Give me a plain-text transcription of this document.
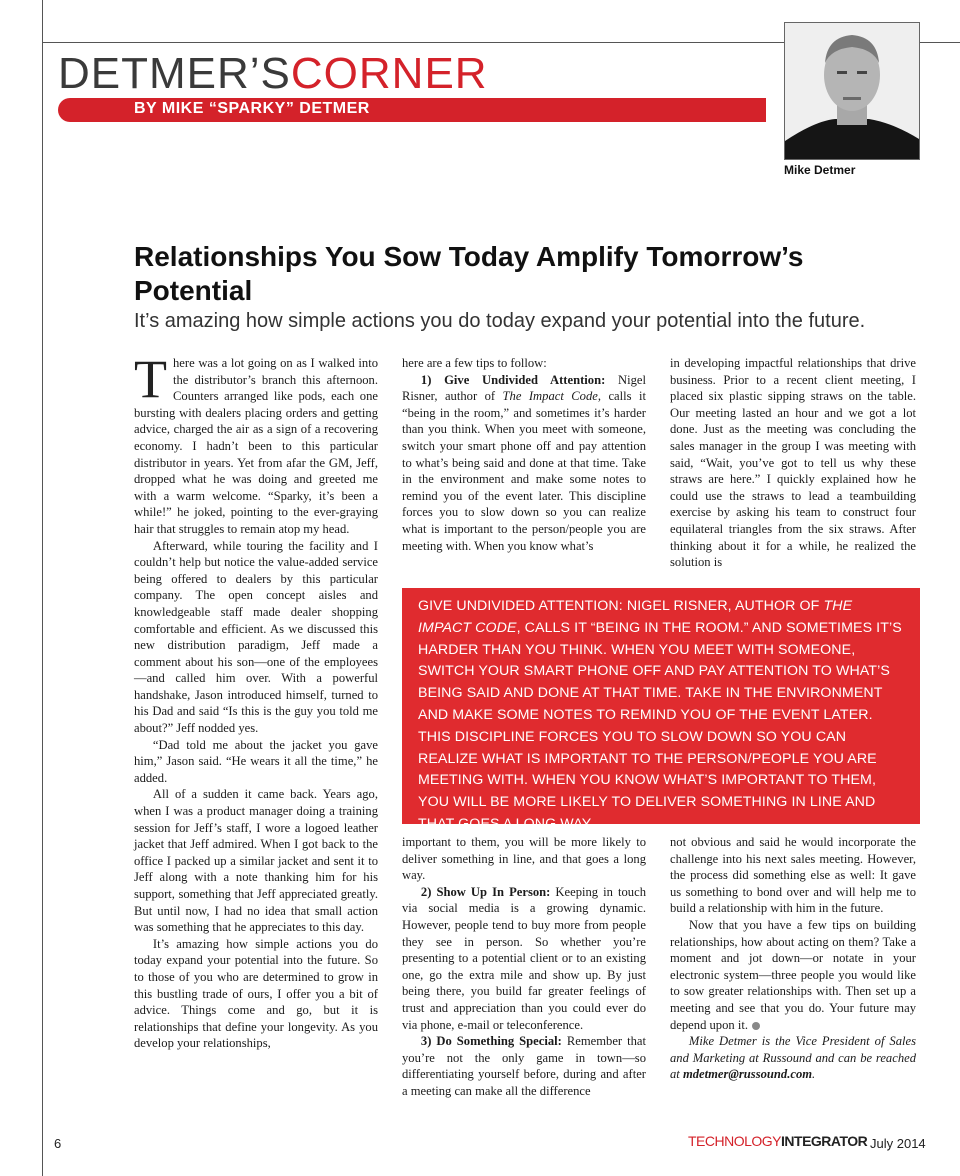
DETMER’SCORNER
BY MIKE “SPARKY” DETMER
Mike Detmer
Relationships You Sow Today Amplify Tomorrow’s Potential
It’s amazing how simple actions you do today expand your potential into the future.

There was a lot going on as I walked into the distributor’s branch this afternoon. Counters arranged like pods, each one bursting with dealers placing orders and getting advice, charged the air as a sign of a recovering economy. I hadn’t been to this particular distributor in years. Yet from afar the GM, Jeff, dropped what he was doing and greeted me with a warm welcome. “Sparky, it’s been a while!” he joked, pointing to the ever-graying hair that struggles to remain atop my head.

Afterward, while touring the facility and I couldn’t help but notice the value-added service being offered to dealers by this particular company. The open concept aisles and knowledgeable staff made dealer shopping comfortable and efficient. As we discussed this new distribution paradigm, Jeff made a comment about his son—one of the employees—and called him over. With a powerful handshake, Jason introduced himself, turned to his Dad and said “Is this is the guy you told me about?” Jeff nodded yes.

“Dad told me about the jacket you gave him,” Jason said. “He wears it all the time,” he added.

All of a sudden it came back. Years ago, when I was a product manager doing a training session for Jeff’s staff, I wore a logoed leather jacket that Jeff admired. When I got back to the office I packed up a similar jacket and sent it to Jeff along with a note thanking him for his support, something that Jeff appreciated greatly. But until now, I had no idea that small action was something that he appreciates to this day.

It’s amazing how simple actions you do today expand your potential into the future. So to those of you who are determined to grow in this bustling trade of ours, I offer you a bit of advice. Things come and go, but it is relationships that define your longevity. As you develop your relationships,

here are a few tips to follow:

1) Give Undivided Attention: Nigel Risner, author of The Impact Code, calls it “being in the room,” and sometimes it’s harder than you think. When you meet with someone, switch your smart phone off and pay attention to what’s being said and done at that time. Take in the environment and make some notes to remind you of the event later. This discipline forces you to slow down so you can realize what is important to the person/people you are meeting with. When you know what’s

in developing impactful relationships that drive business. Prior to a recent client meeting, I placed six plastic sipping straws on the table. Our meeting lasted an hour and we got a lot done. Just as the meeting was concluding the sales manager in the group I was meeting with said, “Wait, you’ve got to tell us why these straws are here.” I quickly explained how he could use the straws to lead a teambuilding exercise by asking his team to construct four equilateral triangles from the six straws. After thinking about it for a while, he realized the solution is

GIVE UNDIVIDED ATTENTION: NIGEL RISNER, AUTHOR OF THE IMPACT CODE, CALLS IT “BEING IN THE ROOM.” AND SOMETIMES IT’S HARDER THAN YOU THINK. WHEN YOU MEET WITH SOMEONE, SWITCH YOUR SMART PHONE OFF AND PAY ATTENTION TO WHAT’S BEING SAID AND DONE AT THAT TIME. TAKE IN THE ENVIRONMENT AND MAKE SOME NOTES TO REMIND YOU OF THE EVENT LATER. THIS DISCIPLINE FORCES YOU TO SLOW DOWN SO YOU CAN REALIZE WHAT IS IMPORTANT TO THE PERSON/PEOPLE YOU ARE MEETING WITH. WHEN YOU KNOW WHAT’S IMPORTANT TO THEM, YOU WILL BE MORE LIKELY TO DELIVER SOMETHING IN LINE AND THAT GOES A LONG WAY.

important to them, you will be more likely to deliver something in line, and that goes a long way.

2) Show Up In Person: Keeping in touch via social media is a growing dynamic. However, people tend to buy more from people they see in person. So whether you’re presenting to a potential client or to an existing one, go the extra mile and show up. By just being there, you build far greater feelings of trust and appreciation than you could ever do via phone, e-mail or teleconference.

3) Do Something Special: Remember that you’re not the only game in town—so differentiating yourself before, during and after a meeting can make all the difference

not obvious and said he would incorporate the challenge into his next sales meeting. However, the process did something else as well: It gave us something to bond over and will help me to build a relationship with him in the future.

Now that you have a few tips on building relationships, how about acting on them? Take a moment and jot down—or notate in your electronic system—three people you would like to sow greater relationships with. Then set up a meeting and see that you do. Your future may depend upon it.

Mike Detmer is the Vice President of Sales and Marketing at Russound and can be reached at mdetmer@russound.com.

6	TECHNOLOGYINTEGRATOR July 2014
